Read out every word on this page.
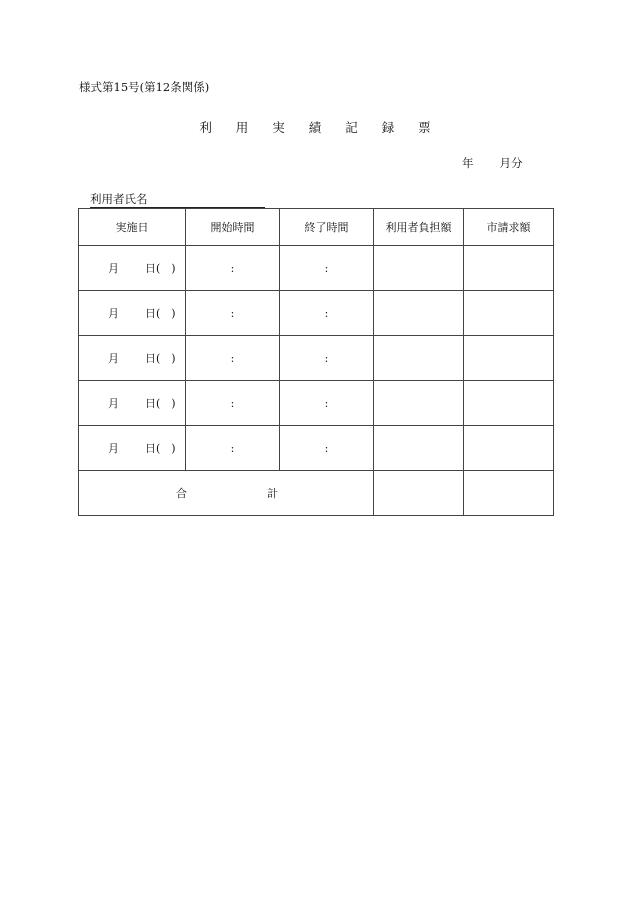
様式第15号(第12条関係)
利 用 実 績 記 録 票
年 月分
利用者氏名
実施日	開始時間	終了時間	利用者負担額	市請求額
月 日(　)	:	:		
月 日(　)	:	:		
月 日(　)	:	:		
月 日(　)	:	:		
月 日(　)	:	:		
合 計				
